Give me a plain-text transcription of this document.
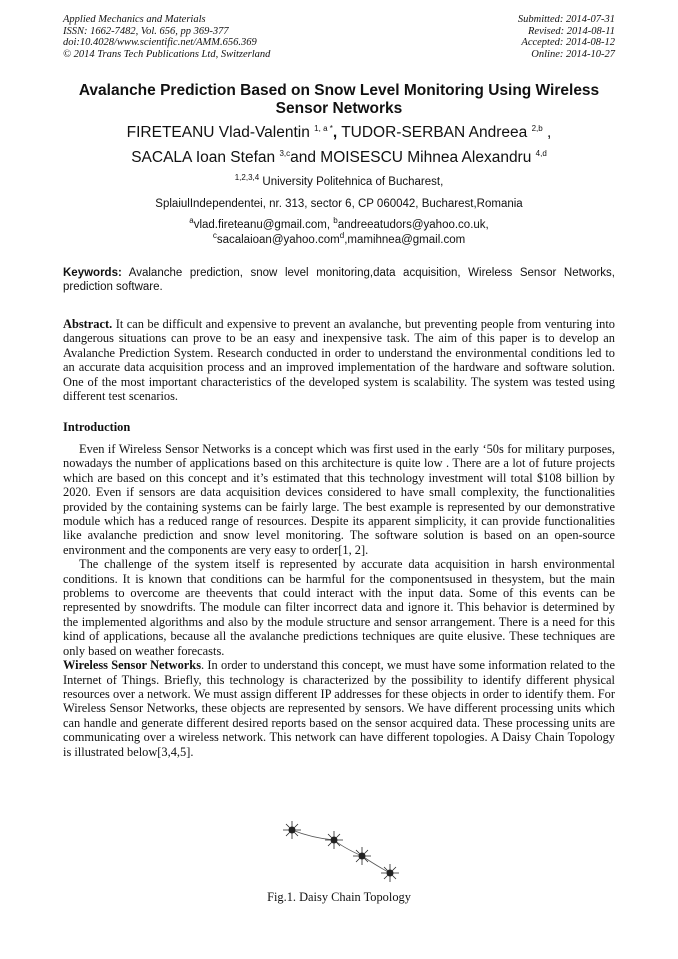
Applied Mechanics and Materials
ISSN: 1662-7482, Vol. 656, pp 369-377
doi:10.4028/www.scientific.net/AMM.656.369
© 2014 Trans Tech Publications Ltd, Switzerland
Submitted: 2014-07-31
Revised: 2014-08-11
Accepted: 2014-08-12
Online: 2014-10-27
Avalanche Prediction Based on Snow Level Monitoring Using Wireless Sensor Networks
FIRETEANU Vlad-Valentin $^{1, a *}$, TUDOR-SERBAN Andreea $^{2,b}$ ,
SACALA Ioan Stefan $^{3,c}$and MOISESCU Mihnea Alexandru $^{4,d}$
$^{1,2,3,4}$ University Politehnica of Bucharest,
SplaiulIndependentei, nr. 313, sector 6, CP 060042, Bucharest,Romania
$^a$vlad.fireteanu@gmail.com, $^b$andreeatudors@yahoo.co.uk,
$^c$sacalaioan@yahoo.com$^d$,mamihnea@gmail.com
Keywords: Avalanche prediction, snow level monitoring,data acquisition, Wireless Sensor Networks, prediction software.
Abstract. It can be difficult and expensive to prevent an avalanche, but preventing people from venturing into dangerous situations can prove to be an easy and inexpensive task. The aim of this paper is to develop an Avalanche Prediction System. Research conducted in order to understand the environmental conditions led to an accurate data acquisition process and an improved implementation of the hardware and software solution. One of the most important characteristics of the developed system is scalability. The system was tested using different test scenarios.
Introduction

Even if Wireless Sensor Networks is a concept which was first used in the early ‘50s for military purposes, nowadays the number of applications based on this architecture is quite low . There are a lot of future projects which are based on this concept and it’s estimated that this technology investment will total $108 billion by 2020. Even if sensors are data acquisition devices considered to have small complexity, the functionalities provided by the containing systems can be fairly large. The best example is represented by our demonstrative module which has a reduced range of resources. Despite its apparent simplicity, it can provide functionalities like avalanche prediction and snow level monitoring. The software solution is based on an open-source environment and the components are very easy to order[1, 2].

The challenge of the system itself is represented by accurate data acquisition in harsh environmental conditions. It is known that conditions can be harmful for the componentsused in thesystem, but the main problems to overcome are theevents that could interact with the input data. Some of this events can be represented by snowdrifts. The module can filter incorrect data and ignore it. This behavior is determined by the implemented algorithms and also by the module structure and sensor arrangement. There is a need for this kind of applications, because all the avalanche predictions techniques are quite elusive. These techniques are only based on weather forecasts.

Wireless Sensor Networks. In order to understand this concept, we must have some information related to the Internet of Things. Briefly, this technology is characterized by the possibility to identify different physical resources over a network. We must assign different IP addresses for these objects in order to identify them. For Wireless Sensor Networks, these objects are represented by sensors. We have different processing units which can handle and generate different desired reports based on the sensor acquired data. These processing units are communicating over a wireless network. This network can have different topologies. A Daisy Chain Topology is illustrated below[3,4,5].

Fig.1. Daisy Chain Topology
